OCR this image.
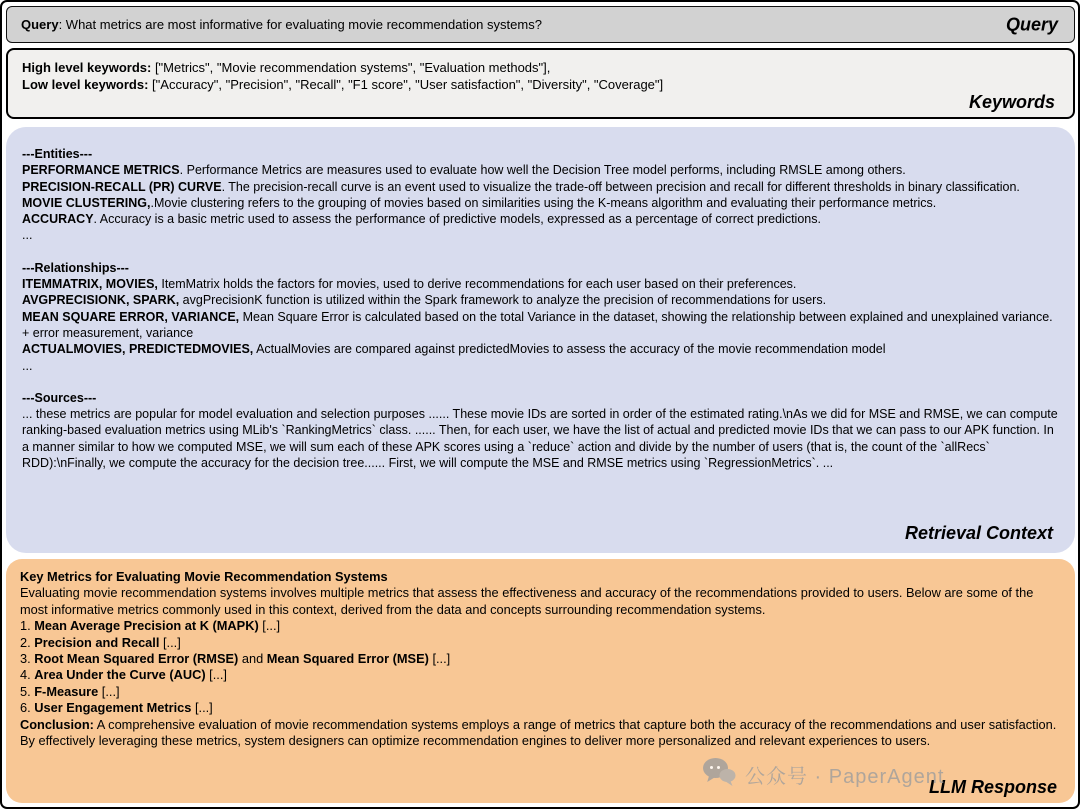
Query: What metrics are most informative for evaluating movie recommendation systems?	Query
High level keywords: ["Metrics", "Movie recommendation systems", "Evaluation methods"],
Low level keywords: ["Accuracy", "Precision", "Recall", "F1 score", "User satisfaction", "Diversity", "Coverage"]
Keywords
---Entities---
PERFORMANCE METRICS. Performance Metrics are measures used to evaluate how well the Decision Tree model performs, including RMSLE among others.
PRECISION-RECALL (PR) CURVE. The precision-recall curve is an event used to visualize the trade-off between precision and recall for different thresholds in binary classification.
MOVIE CLUSTERING,.Movie clustering refers to the grouping of movies based on similarities using the K-means algorithm and evaluating their performance metrics.
ACCURACY. Accuracy is a basic metric used to assess the performance of predictive models, expressed as a percentage of correct predictions.
...
---Relationships---
ITEMMATRIX, MOVIES, ItemMatrix holds the factors for movies, used to derive recommendations for each user based on their preferences.
AVGPRECISIONK, SPARK, avgPrecisionK function is utilized within the Spark framework to analyze the precision of recommendations for users.
MEAN SQUARE ERROR, VARIANCE, Mean Square Error is calculated based on the total Variance in the dataset, showing the relationship between explained and unexplained variance. + error measurement, variance
ACTUALMOVIES, PREDICTEDMOVIES, ActualMovies are compared against predictedMovies to assess the accuracy of the movie recommendation model
...
---Sources---
... these metrics are popular for model evaluation and selection purposes ...... These movie IDs are sorted in order of the estimated rating.\nAs we did for MSE and RMSE, we can compute ranking-based evaluation metrics using MLib's `RankingMetrics` class. ...... Then, for each user, we have the list of actual and predicted movie IDs that we can pass to our APK function. In a manner similar to how we computed MSE, we will sum each of these APK scores using a `reduce` action and divide by the number of users (that is, the count of the `allRecs` RDD):\nFinally, we compute the accuracy for the decision tree...... First, we will compute the MSE and RMSE metrics using `RegressionMetrics`. ...
Retrieval Context
Key Metrics for Evaluating Movie Recommendation Systems
Evaluating movie recommendation systems involves multiple metrics that assess the effectiveness and accuracy of the recommendations provided to users. Below are some of the most informative metrics commonly used in this context, derived from the data and concepts surrounding recommendation systems.
1. Mean Average Precision at K (MAPK) [...]
2. Precision and Recall [...]
3. Root Mean Squared Error (RMSE) and Mean Squared Error (MSE) [...]
4. Area Under the Curve (AUC) [...]
5. F-Measure [...]
6. User Engagement Metrics [...]
Conclusion: A comprehensive evaluation of movie recommendation systems employs a range of metrics that capture both the accuracy of the recommendations and user satisfaction. By effectively leveraging these metrics, system designers can optimize recommendation engines to deliver more personalized and relevant experiences to users.
LLM Response
公众号 · PaperAgent
